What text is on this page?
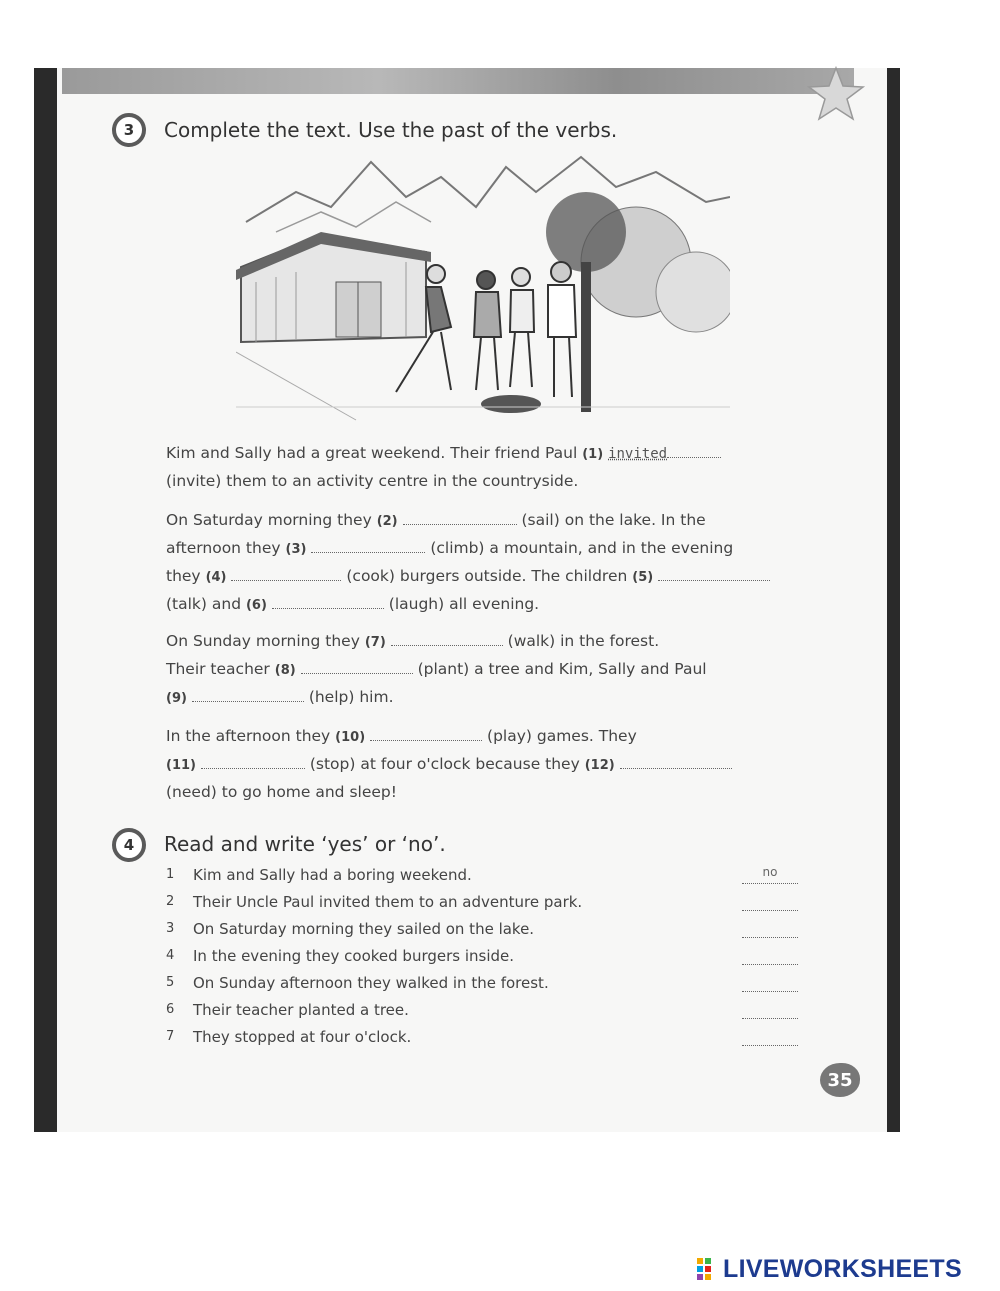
3	Complete the text. Use the past of the verbs.
Kim and Sally had a great weekend. Their friend Paul (1) invited
(invite) them to an activity centre in the countryside.
On Saturday morning they (2)	(sail) on the lake. In the
afternoon they (3)	(climb) a mountain, and in the evening
they (4)	(cook) burgers outside. The children (5)
(talk) and (6)	(laugh) all evening.
On Sunday morning they (7)	(walk) in the forest.
Their teacher (8)	(plant) a tree and Kim, Sally and Paul
(9)	(help) him.
In the afternoon they (10)	(play) games. They
(11)	(stop) at four o'clock because they (12)
(need) to go home and sleep!
4	Read and write ‘yes’ or ‘no’.
1	Kim and Sally had a boring weekend.	no
2	Their Uncle Paul invited them to an adventure park.
3	On Saturday morning they sailed on the lake.
4	In the evening they cooked burgers inside.
5	On Sunday afternoon they walked in the forest.
6	Their teacher planted a tree.
7	They stopped at four o'clock.
35
LIVEWORKSHEETS
